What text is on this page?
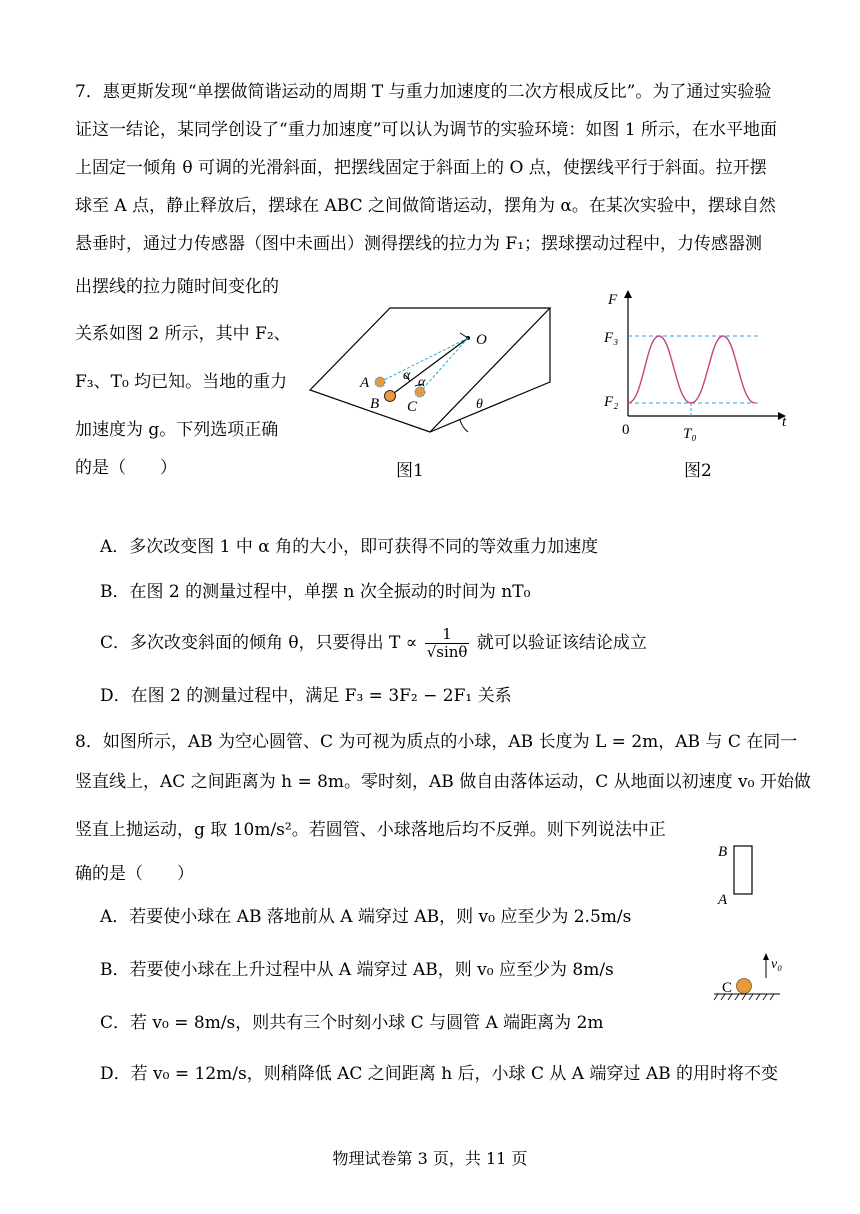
7．惠更斯发现“单摆做简谐运动的周期 T 与重力加速度的二次方根成反比”。为了通过实验验
证这一结论，某同学创设了“重力加速度”可以认为调节的实验环境：如图 1 所示，在水平地面
上固定一倾角 θ 可调的光滑斜面，把摆线固定于斜面上的 O 点，使摆线平行于斜面。拉开摆
球至 A 点，静止释放后，摆球在 ABC 之间做简谐运动，摆角为 α。在某次实验中，摆球自然
悬垂时，通过力传感器（图中未画出）测得摆线的拉力为 F₁；摆球摆动过程中，力传感器测
出摆线的拉力随时间变化的
关系如图 2 所示，其中 F₂、
F₃、T₀ 均已知。当地的重力
加速度为 g。下列选项正确
的是（　　）
O
A
B C
α α
θ
图1
F
t
0
F₃
F₂
T₀
图2
A．多次改变图 1 中 α 角的大小，即可获得不同的等效重力加速度
B．在图 2 的测量过程中，单摆 n 次全振动的时间为 nT₀
C．多次改变斜面的倾角 θ，只要得出 $T \propto \frac{1}{√\sin\theta}$ 就可以验证该结论成立
D．在图 2 的测量过程中，满足 F₃ = 3F₂ − 2F₁ 关系
8．如图所示，AB 为空心圆管、C 为可视为质点的小球，AB 长度为 L = 2m，AB 与 C 在同一
竖直线上，AC 之间距离为 h = 8m。零时刻，AB 做自由落体运动，C 从地面以初速度 v₀ 开始做
竖直上抛运动，g 取 10m/s²。若圆管、小球落地后均不反弹。则下列说法中正
确的是（　　）
B
A
v₀
C
A．若要使小球在 AB 落地前从 A 端穿过 AB，则 v₀ 应至少为 2.5m/s
B．若要使小球在上升过程中从 A 端穿过 AB，则 v₀ 应至少为 8m/s
C．若 v₀ = 8m/s，则共有三个时刻小球 C 与圆管 A 端距离为 2m
D．若 v₀ = 12m/s，则稍降低 AC 之间距离 h 后，小球 C 从 A 端穿过 AB 的用时将不变
物理试卷第 3 页，共 11 页
